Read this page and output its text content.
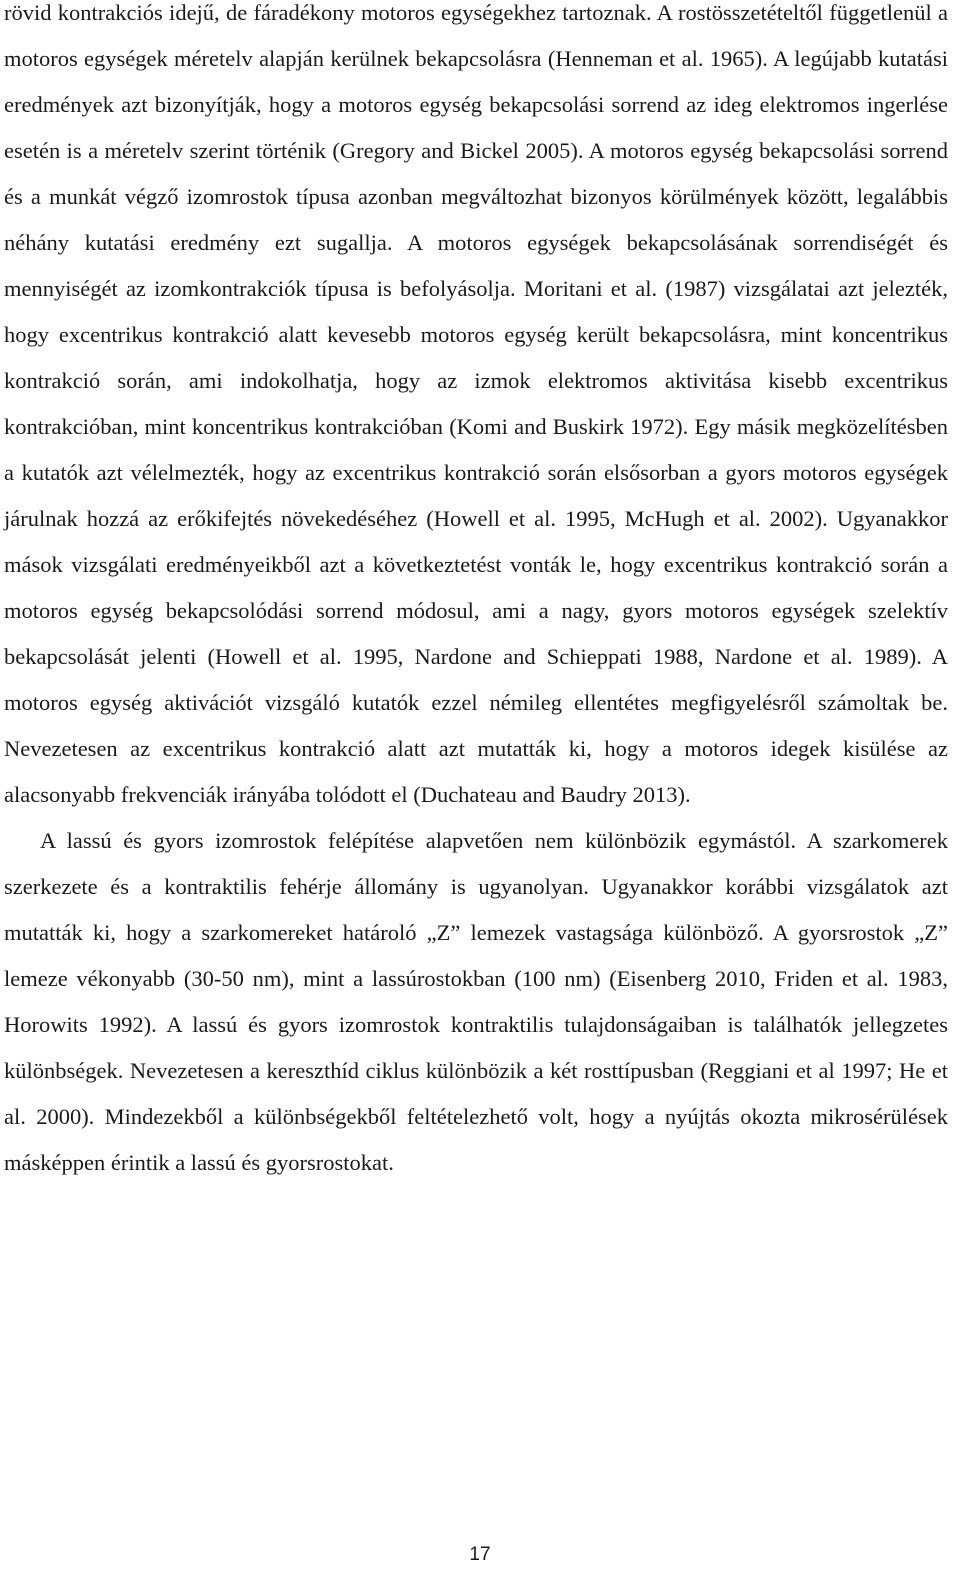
rövid kontrakciós idejű, de fáradékony motoros egységekhez tartoznak. A rostösszetételtől függetlenül a motoros egységek méretelv alapján kerülnek bekapcsolásra (Henneman et al. 1965). A legújabb kutatási eredmények azt bizonyítják, hogy a motoros egység bekapcsolási sorrend az ideg elektromos ingerlése esetén is a méretelv szerint történik (Gregory and Bickel 2005). A motoros egység bekapcsolási sorrend és a munkát végző izomrostok típusa azonban megváltozhat bizonyos körülmények között, legalábbis néhány kutatási eredmény ezt sugallja. A motoros egységek bekapcsolásának sorrendiségét és mennyiségét az izomkontrakciók típusa is befolyásolja. Moritani et al. (1987) vizsgálatai azt jelezték, hogy excentrikus kontrakció alatt kevesebb motoros egység került bekapcsolásra, mint koncentrikus kontrakció során, ami indokolhatja, hogy az izmok elektromos aktivitása kisebb excentrikus kontrakcióban, mint koncentrikus kontrakcióban (Komi and Buskirk 1972). Egy másik megközelítésben a kutatók azt vélelmezték, hogy az excentrikus kontrakció során elsősorban a gyors motoros egységek járulnak hozzá az erőkifejtés növekedéséhez (Howell et al. 1995, McHugh et al. 2002). Ugyanakkor mások vizsgálati eredményeikből azt a következtetést vonták le, hogy excentrikus kontrakció során a motoros egység bekapcsolódási sorrend módosul, ami a nagy, gyors motoros egységek szelektív bekapcsolását jelenti (Howell et al. 1995, Nardone and Schieppati 1988, Nardone et al. 1989). A motoros egység aktivációt vizsgáló kutatók ezzel némileg ellentétes megfigyelésről számoltak be. Nevezetesen az excentrikus kontrakció alatt azt mutatták ki, hogy a motoros idegek kisülése az alacsonyabb frekvenciák irányába tolódott el (Duchateau and Baudry 2013).

A lassú és gyors izomrostok felépítése alapvetően nem különbözik egymástól. A szarkomerek szerkezete és a kontraktilis fehérje állomány is ugyanolyan. Ugyanakkor korábbi vizsgálatok azt mutatták ki, hogy a szarkomereket határoló „Z” lemezek vastagsága különböző. A gyorsrostok „Z” lemeze vékonyabb (30-50 nm), mint a lassúrostokban (100 nm) (Eisenberg 2010, Friden et al. 1983, Horowits 1992). A lassú és gyors izomrostok kontraktilis tulajdonságaiban is találhatók jellegzetes különbségek. Nevezetesen a kereszthíd ciklus különbözik a két rosttípusban (Reggiani et al 1997; He et al. 2000). Mindezekből a különbségekből feltételezhető volt, hogy a nyújtás okozta mikrosérülések másképpen érintik a lassú és gyorsrostokat.

17
